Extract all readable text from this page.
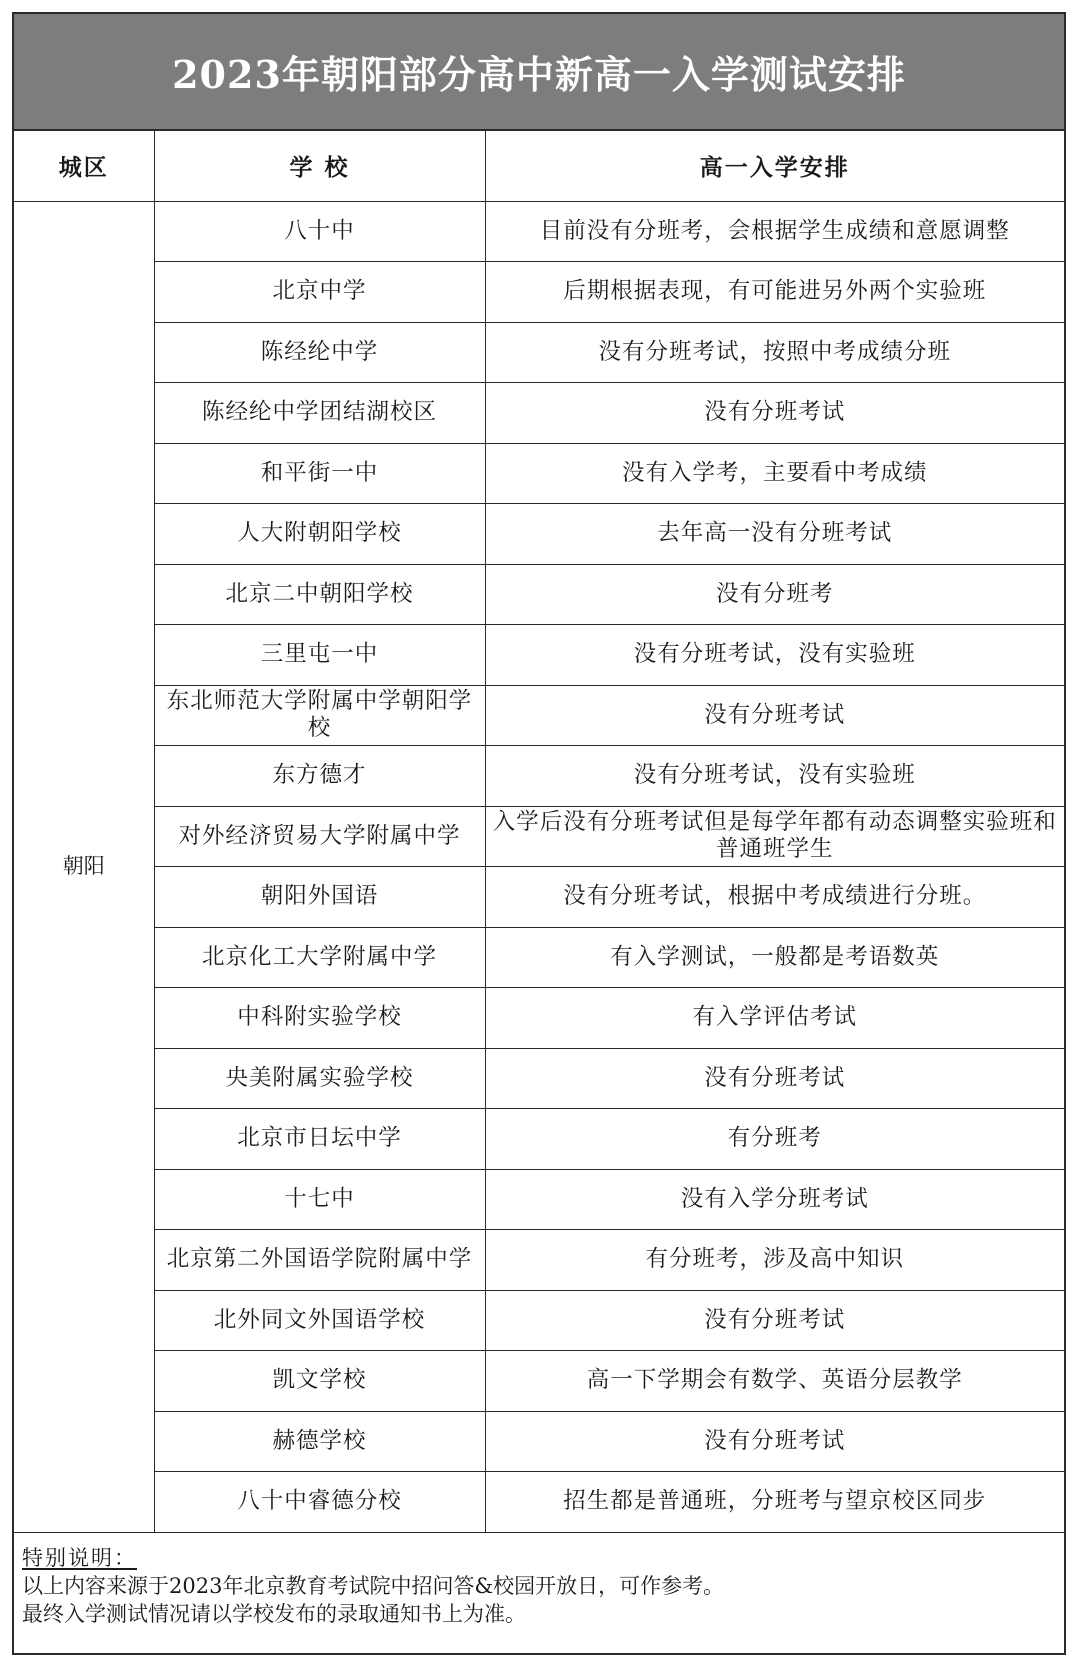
2023年朝阳部分高中新高一入学测试安排
城区	学 校	高一入学安排
朝阳	八十中	目前没有分班考，会根据学生成绩和意愿调整
	北京中学	后期根据表现，有可能进另外两个实验班
	陈经纶中学	没有分班考试，按照中考成绩分班
	陈经纶中学团结湖校区	没有分班考试
	和平街一中	没有入学考，主要看中考成绩
	人大附朝阳学校	去年高一没有分班考试
	北京二中朝阳学校	没有分班考
	三里屯一中	没有分班考试，没有实验班
	东北师范大学附属中学朝阳学校	没有分班考试
	东方德才	没有分班考试，没有实验班
	对外经济贸易大学附属中学	入学后没有分班考试但是每学年都有动态调整实验班和普通班学生
	朝阳外国语	没有分班考试，根据中考成绩进行分班。
	北京化工大学附属中学	有入学测试，一般都是考语数英
	中科附实验学校	有入学评估考试
	央美附属实验学校	没有分班考试
	北京市日坛中学	有分班考
	十七中	没有入学分班考试
	北京第二外国语学院附属中学	有分班考，涉及高中知识
	北外同文外国语学校	没有分班考试
	凯文学校	高一下学期会有数学、英语分层教学
	赫德学校	没有分班考试
	八十中睿德分校	招生都是普通班，分班考与望京校区同步
特别说明：
以上内容来源于2023年北京教育考试院中招问答&校园开放日，可作参考。
最终入学测试情况请以学校发布的录取通知书上为准。
